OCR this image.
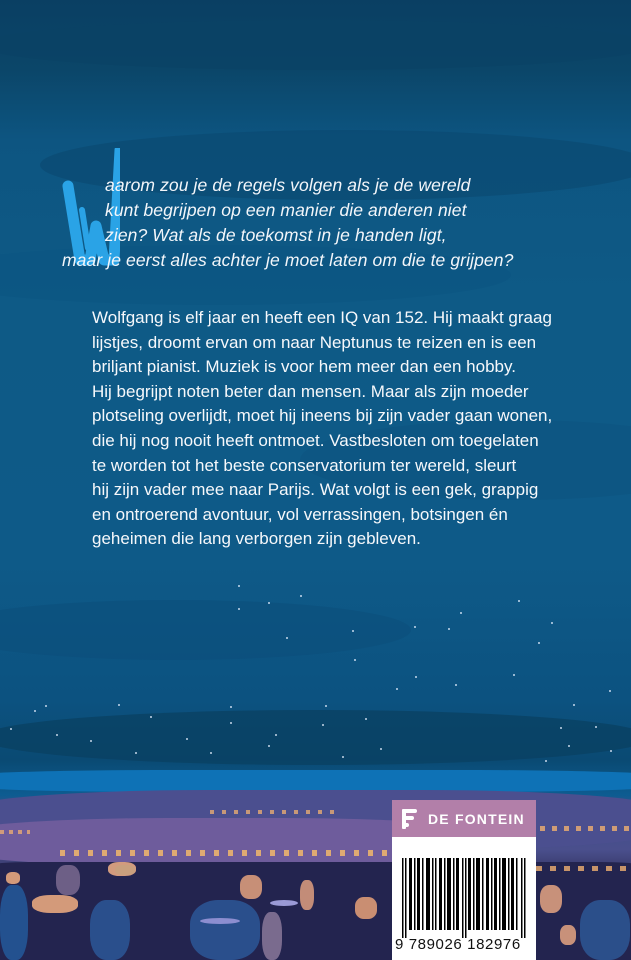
aarom zou je de regels volgen als je de wereld
kunt begrijpen op een manier die anderen niet
zien? Wat als de toekomst in je handen ligt,
maar je eerst alles achter je moet laten om die te grijpen?
Wolfgang is elf jaar en heeft een IQ van 152. Hij maakt graag
lijstjes, droomt ervan om naar Neptunus te reizen en is een
briljant pianist. Muziek is voor hem meer dan een hobby.
Hij begrijpt noten beter dan mensen. Maar als zijn moeder
plotseling overlijdt, moet hij ineens bij zijn vader gaan wonen,
die hij nog nooit heeft ontmoet. Vastbesloten om toegelaten
te worden tot het beste conservatorium ter wereld, sleurt
hij zijn vader mee naar Parijs. Wat volgt is een gek, grappig
en ontroerend avontuur, vol verrassingen, botsingen én
geheimen die lang verborgen zijn gebleven.
DE FONTEIN
9 789026 182976
